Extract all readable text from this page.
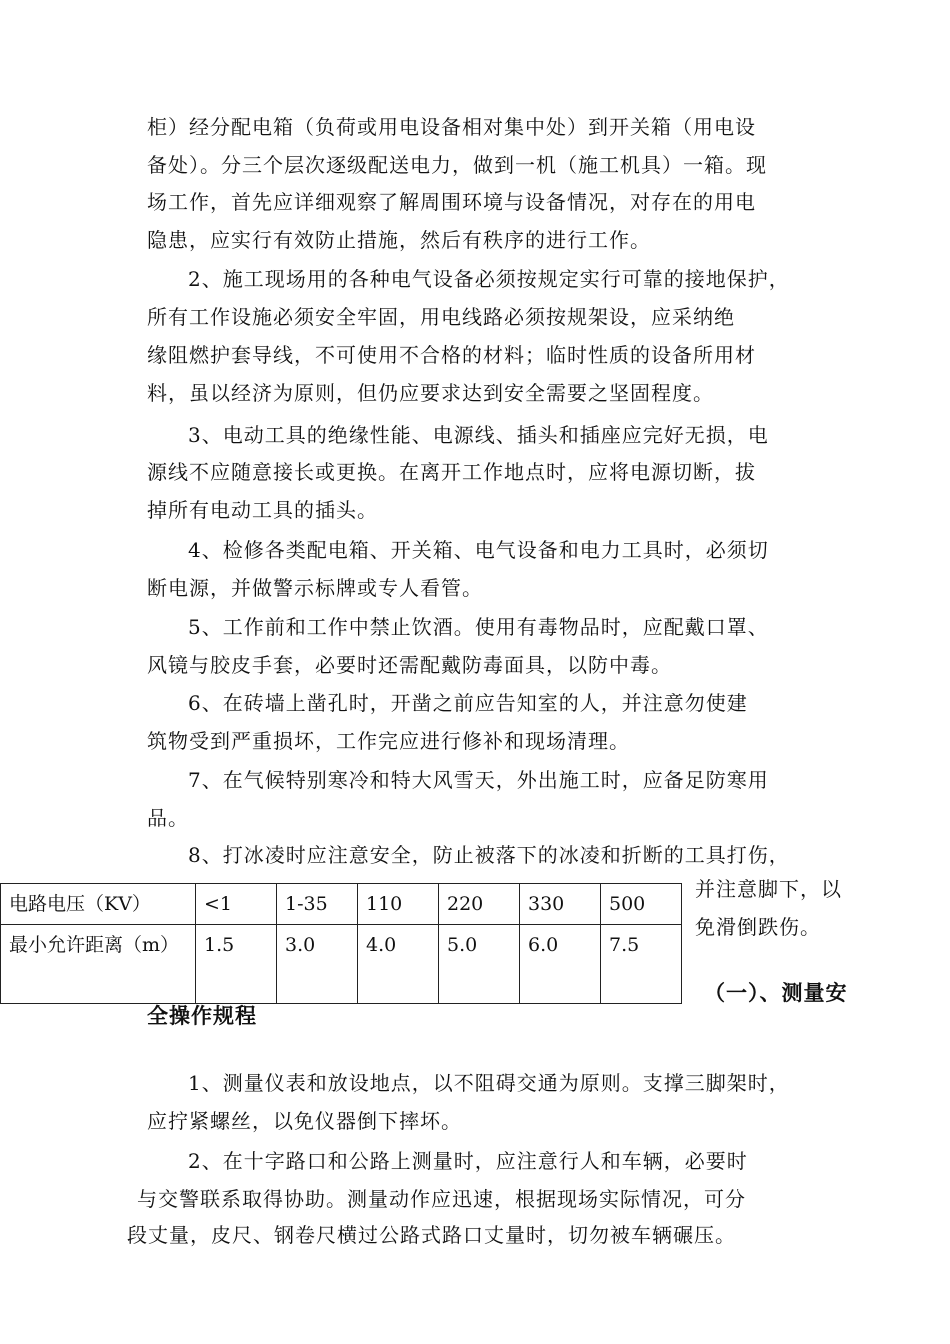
柜）经分配电箱（负荷或用电设备相对集中处）到开关箱（用电设
备处）。分三个层次逐级配送电力，做到一机（施工机具）一箱。现
场工作，首先应详细观察了解周围环境与设备情况，对存在的用电
隐患，应实行有效防止措施，然后有秩序的进行工作。
2、施工现场用的各种电气设备必须按规定实行可靠的接地保护，
所有工作设施必须安全牢固，用电线路必须按规架设，应采纳绝
缘阻燃护套导线，不可使用不合格的材料；临时性质的设备所用材
料，虽以经济为原则，但仍应要求达到安全需要之坚固程度。
3、电动工具的绝缘性能、电源线、插头和插座应完好无损，电
源线不应随意接长或更换。在离开工作地点时，应将电源切断，拔
掉所有电动工具的插头。
4、检修各类配电箱、开关箱、电气设备和电力工具时，必须切
断电源，并做警示标牌或专人看管。
5、工作前和工作中禁止饮酒。使用有毒物品时，应配戴口罩、
风镜与胶皮手套，必要时还需配戴防毒面具，以防中毒。
6、在砖墙上凿孔时，开凿之前应告知室的人，并注意勿使建
筑物受到严重损坏，工作完应进行修补和现场清理。
7、在气候特别寒冷和特大风雪天，外出施工时，应备足防寒用
品。
8、打冰凌时应注意安全，防止被落下的冰凌和折断的工具打伤，
电路电压（KV）	<1	1-35	110	220	330	500
最小允许距离（m）	1.5	3.0	4.0	5.0	6.0	7.5
并注意脚下，以
免滑倒跌伤。
（一）、测量安
全操作规程
1、测量仪表和放设地点，以不阻碍交通为原则。支撑三脚架时，
应拧紧螺丝，以免仪器倒下摔坏。
2、在十字路口和公路上测量时，应注意行人和车辆，必要时
与交警联系取得协助。测量动作应迅速，根据现场实际情况，可分
段丈量，皮尺、钢卷尺横过公路式路口丈量时，切勿被车辆碾压。
